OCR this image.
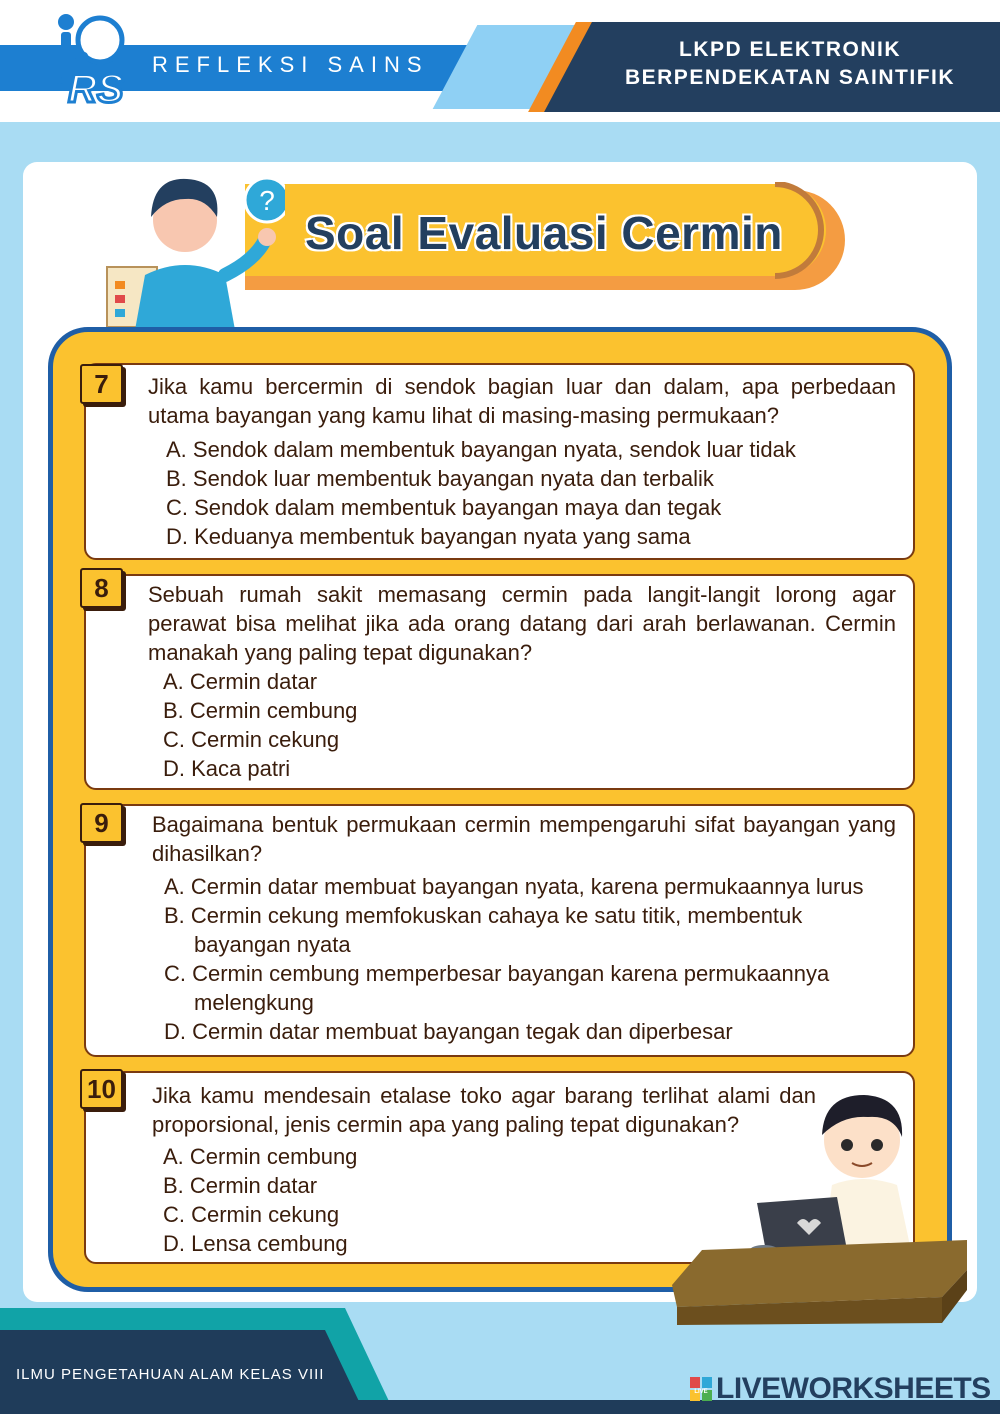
RS
REFLEKSI SAINS
LKPD ELEKTRONIK
BERPENDEKATAN SAINTIFIK
Soal Evaluasi Cermin
?
Jika kamu bercermin di sendok bagian luar dan dalam, apa perbedaan utama bayangan yang kamu lihat di masing-masing permukaan?
A. Sendok dalam membentuk bayangan nyata, sendok luar tidak
B. Sendok luar membentuk bayangan nyata dan terbalik
C. Sendok dalam membentuk bayangan maya dan tegak
D. Keduanya membentuk bayangan nyata yang sama
7
Sebuah rumah sakit memasang cermin pada langit-langit lorong agar perawat bisa melihat jika ada orang datang dari arah berlawanan. Cermin manakah yang paling tepat digunakan?
A. Cermin datar
B. Cermin cembung
C. Cermin cekung
D. Kaca patri
8
Bagaimana bentuk permukaan cermin mempengaruhi sifat bayangan yang dihasilkan?
A. Cermin datar membuat bayangan nyata, karena permukaannya lurus
B. Cermin cekung memfokuskan cahaya ke satu titik, membentuk
bayangan nyata
C. Cermin cembung memperbesar bayangan karena permukaannya
melengkung
D. Cermin datar membuat bayangan tegak dan diperbesar
9
Jika kamu mendesain etalase toko agar barang terlihat alami dan proporsional, jenis cermin apa yang paling tepat digunakan?
A. Cermin cembung
B. Cermin datar
C. Cermin cekung
D. Lensa cembung
10
ILMU PENGETAHUAN ALAM KELAS VIII
LIVE LIVEWORKSHEETS
